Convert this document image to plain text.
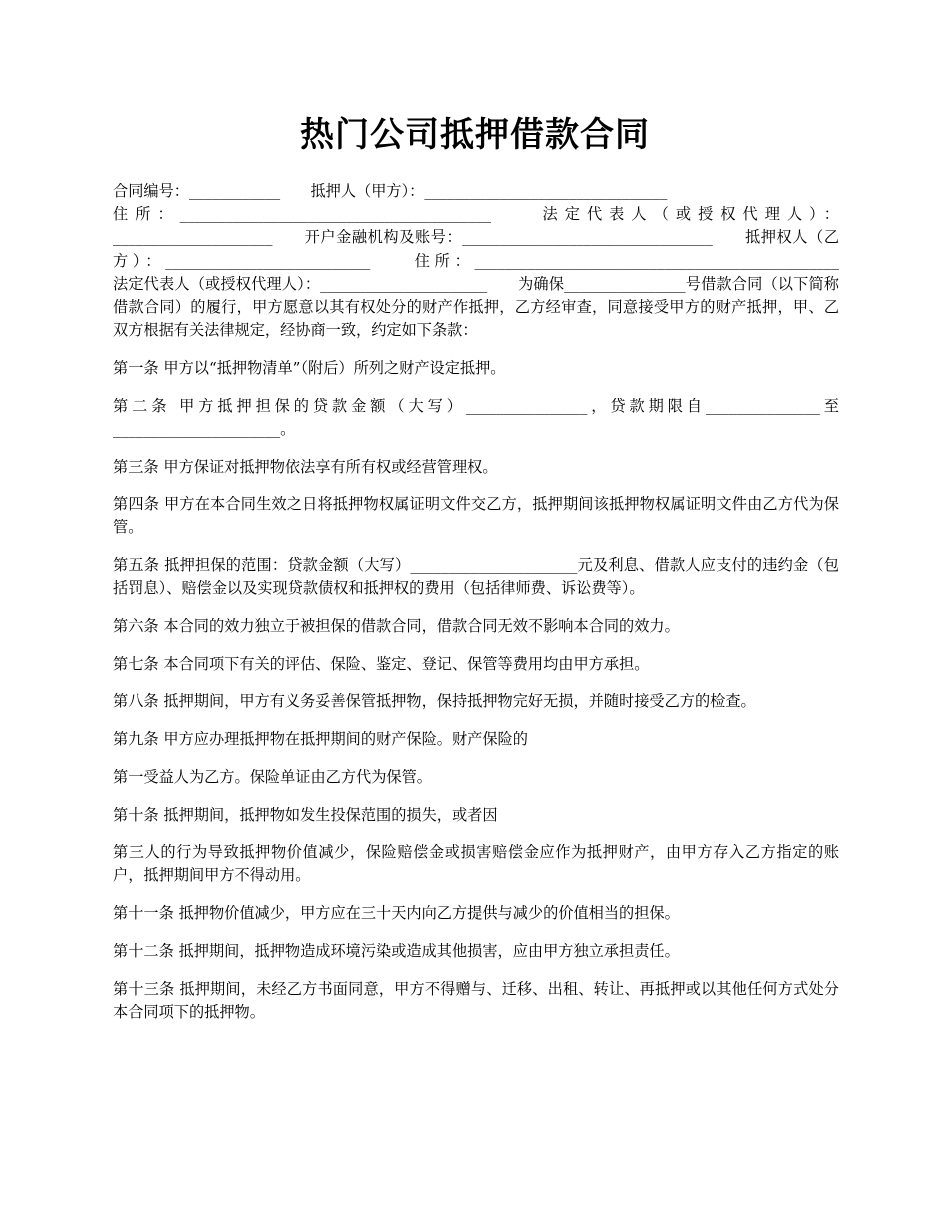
热门公司抵押借款合同

合同编号：____________　　抵押人（甲方）：________________________________

住所：_________________________________________　　法定代表人（或授权代理人）：_____________________　　开户金融机构及账号：_________________________________　　抵押权人（乙方）：___________________________　　住所：________________________________________________　　法定代表人（或授权代理人）：______________________　　为确保________________号借款合同（以下简称借款合同）的履行，甲方愿意以其有权处分的财产作抵押，乙方经审查，同意接受甲方的财产抵押，甲、乙双方根据有关法律规定，经协商一致，约定如下条款：

第一条 甲方以“抵押物清单”（附后）所列之财产设定抵押。

第二条 甲方抵押担保的贷款金额（大写）________________，贷款期限自_______________至______________________。

第三条 甲方保证对抵押物依法享有所有权或经营管理权。

第四条 甲方在本合同生效之日将抵押物权属证明文件交乙方，抵押期间该抵押物权属证明文件由乙方代为保管。

第五条 抵押担保的范围：贷款金额（大写）______________________元及利息、借款人应支付的违约金（包括罚息）、赔偿金以及实现贷款债权和抵押权的费用（包括律师费、诉讼费等）。

第六条 本合同的效力独立于被担保的借款合同，借款合同无效不影响本合同的效力。

第七条 本合同项下有关的评估、保险、鉴定、登记、保管等费用均由甲方承担。

第八条 抵押期间，甲方有义务妥善保管抵押物，保持抵押物完好无损，并随时接受乙方的检查。

第九条 甲方应办理抵押物在抵押期间的财产保险。财产保险的

第一受益人为乙方。保险单证由乙方代为保管。

第十条 抵押期间，抵押物如发生投保范围的损失，或者因

第三人的行为导致抵押物价值减少，保险赔偿金或损害赔偿金应作为抵押财产，由甲方存入乙方指定的账户，抵押期间甲方不得动用。

第十一条 抵押物价值减少，甲方应在三十天内向乙方提供与减少的价值相当的担保。

第十二条 抵押期间，抵押物造成环境污染或造成其他损害，应由甲方独立承担责任。

第十三条 抵押期间，未经乙方书面同意，甲方不得赠与、迁移、出租、转让、再抵押或以其他任何方式处分本合同项下的抵押物。
